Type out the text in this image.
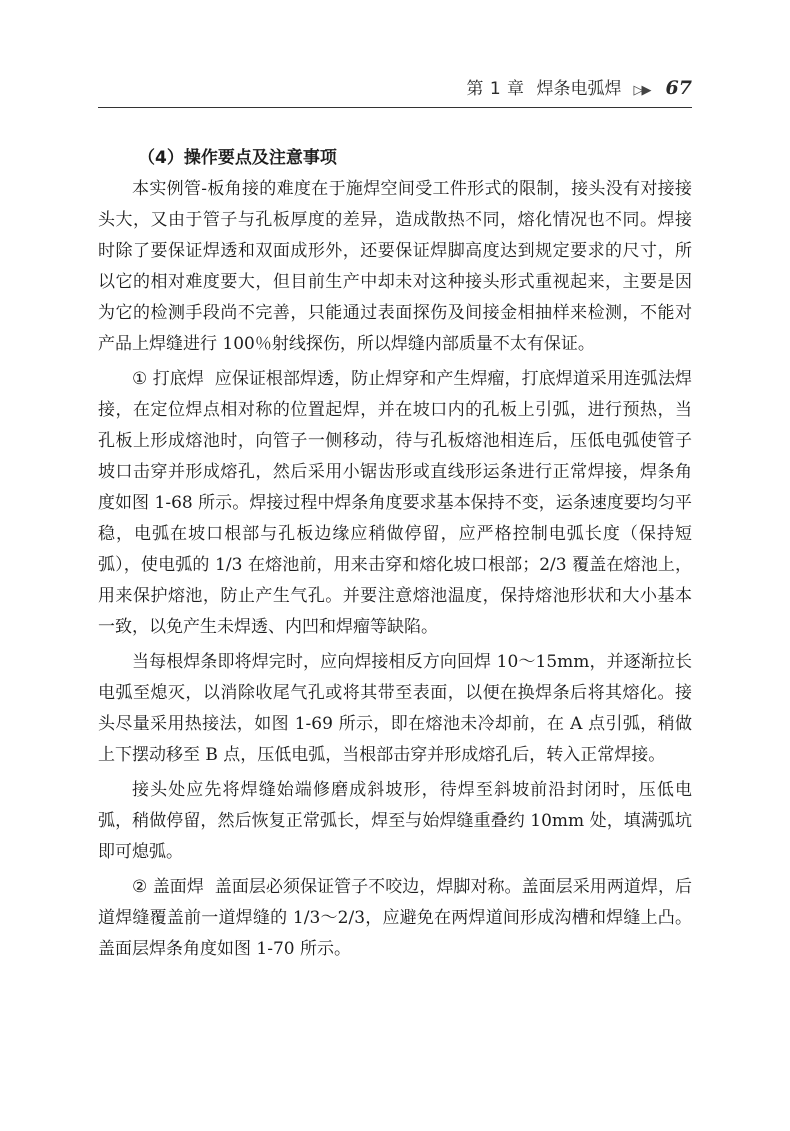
第 1 章 焊条电弧焊 ▷▶ 67
（4）操作要点及注意事项

本实例管-板角接的难度在于施焊空间受工件形式的限制，接头没有对接接头大，又由于管子与孔板厚度的差异，造成散热不同，熔化情况也不同。焊接时除了要保证焊透和双面成形外，还要保证焊脚高度达到规定要求的尺寸，所以它的相对难度要大，但目前生产中却未对这种接头形式重视起来，主要是因为它的检测手段尚不完善，只能通过表面探伤及间接金相抽样来检测，不能对产品上焊缝进行 100％射线探伤，所以焊缝内部质量不太有保证。

① 打底焊 应保证根部焊透，防止焊穿和产生焊瘤，打底焊道采用连弧法焊接，在定位焊点相对称的位置起焊，并在坡口内的孔板上引弧，进行预热，当孔板上形成熔池时，向管子一侧移动，待与孔板熔池相连后，压低电弧使管子坡口击穿并形成熔孔，然后采用小锯齿形或直线形运条进行正常焊接，焊条角度如图 1-68 所示。焊接过程中焊条角度要求基本保持不变，运条速度要均匀平稳，电弧在坡口根部与孔板边缘应稍做停留，应严格控制电弧长度（保持短弧），使电弧的 1/3 在熔池前，用来击穿和熔化坡口根部；2/3 覆盖在熔池上，用来保护熔池，防止产生气孔。并要注意熔池温度，保持熔池形状和大小基本一致，以免产生未焊透、内凹和焊瘤等缺陷。

当每根焊条即将焊完时，应向焊接相反方向回焊 10～15mm，并逐渐拉长电弧至熄灭，以消除收尾气孔或将其带至表面，以便在换焊条后将其熔化。接头尽量采用热接法，如图 1-69 所示，即在熔池未冷却前，在 A 点引弧，稍做上下摆动移至 B 点，压低电弧，当根部击穿并形成熔孔后，转入正常焊接。

接头处应先将焊缝始端修磨成斜坡形，待焊至斜坡前沿封闭时，压低电弧，稍做停留，然后恢复正常弧长，焊至与始焊缝重叠约 10mm 处，填满弧坑即可熄弧。

② 盖面焊 盖面层必须保证管子不咬边，焊脚对称。盖面层采用两道焊，后道焊缝覆盖前一道焊缝的 1/3～2/3，应避免在两焊道间形成沟槽和焊缝上凸。盖面层焊条角度如图 1-70 所示。
